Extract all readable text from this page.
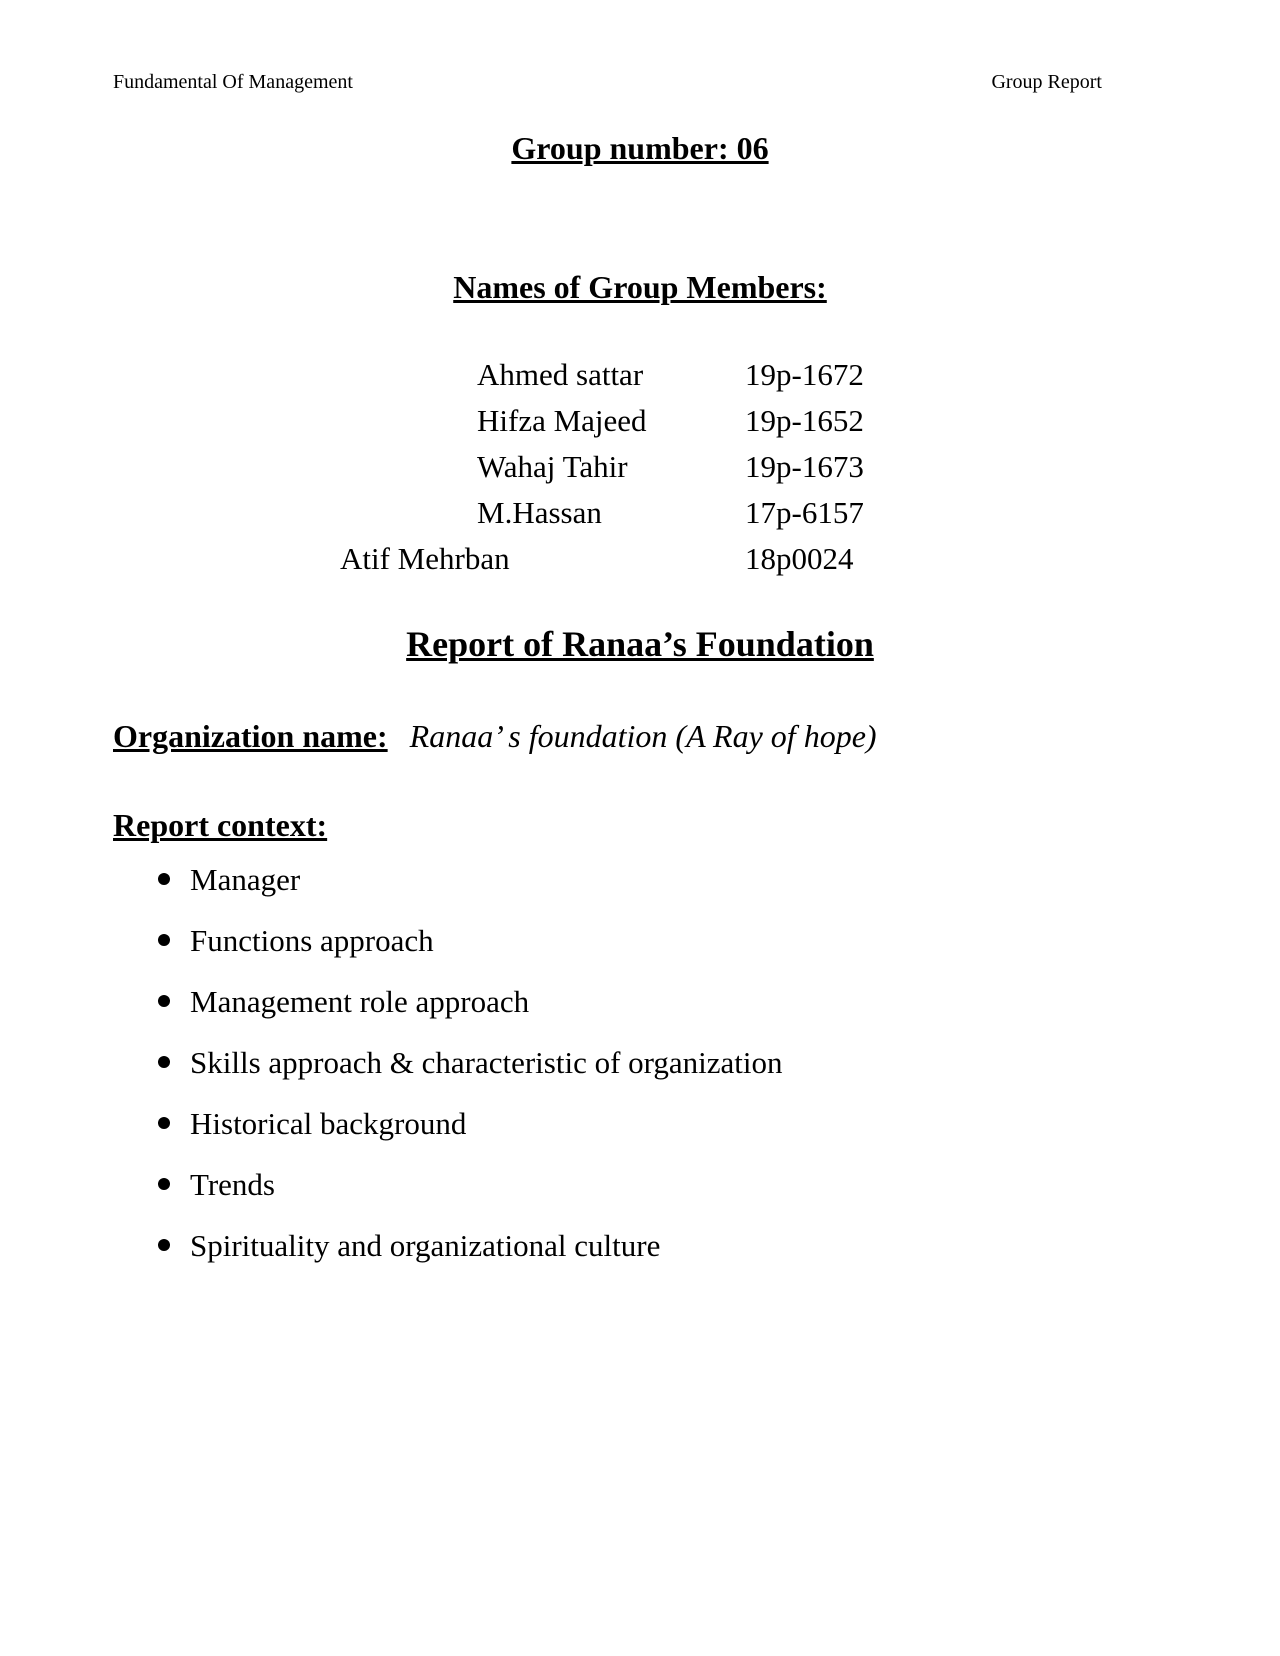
Fundamental Of Management	Group Report
Group number: 06
Names of Group Members:
Ahmed sattar	19p-1672
Hifza Majeed	19p-1652
Wahaj Tahir	19p-1673
M.Hassan	17p-6157
Atif Mehrban	18p0024
Report of Ranaa’s Foundation
Organization name: Ranaa’ s foundation (A Ray of hope)
Report context:
Manager
Functions approach
Management role approach
Skills approach & characteristic of organization
Historical background
Trends
Spirituality and organizational culture
